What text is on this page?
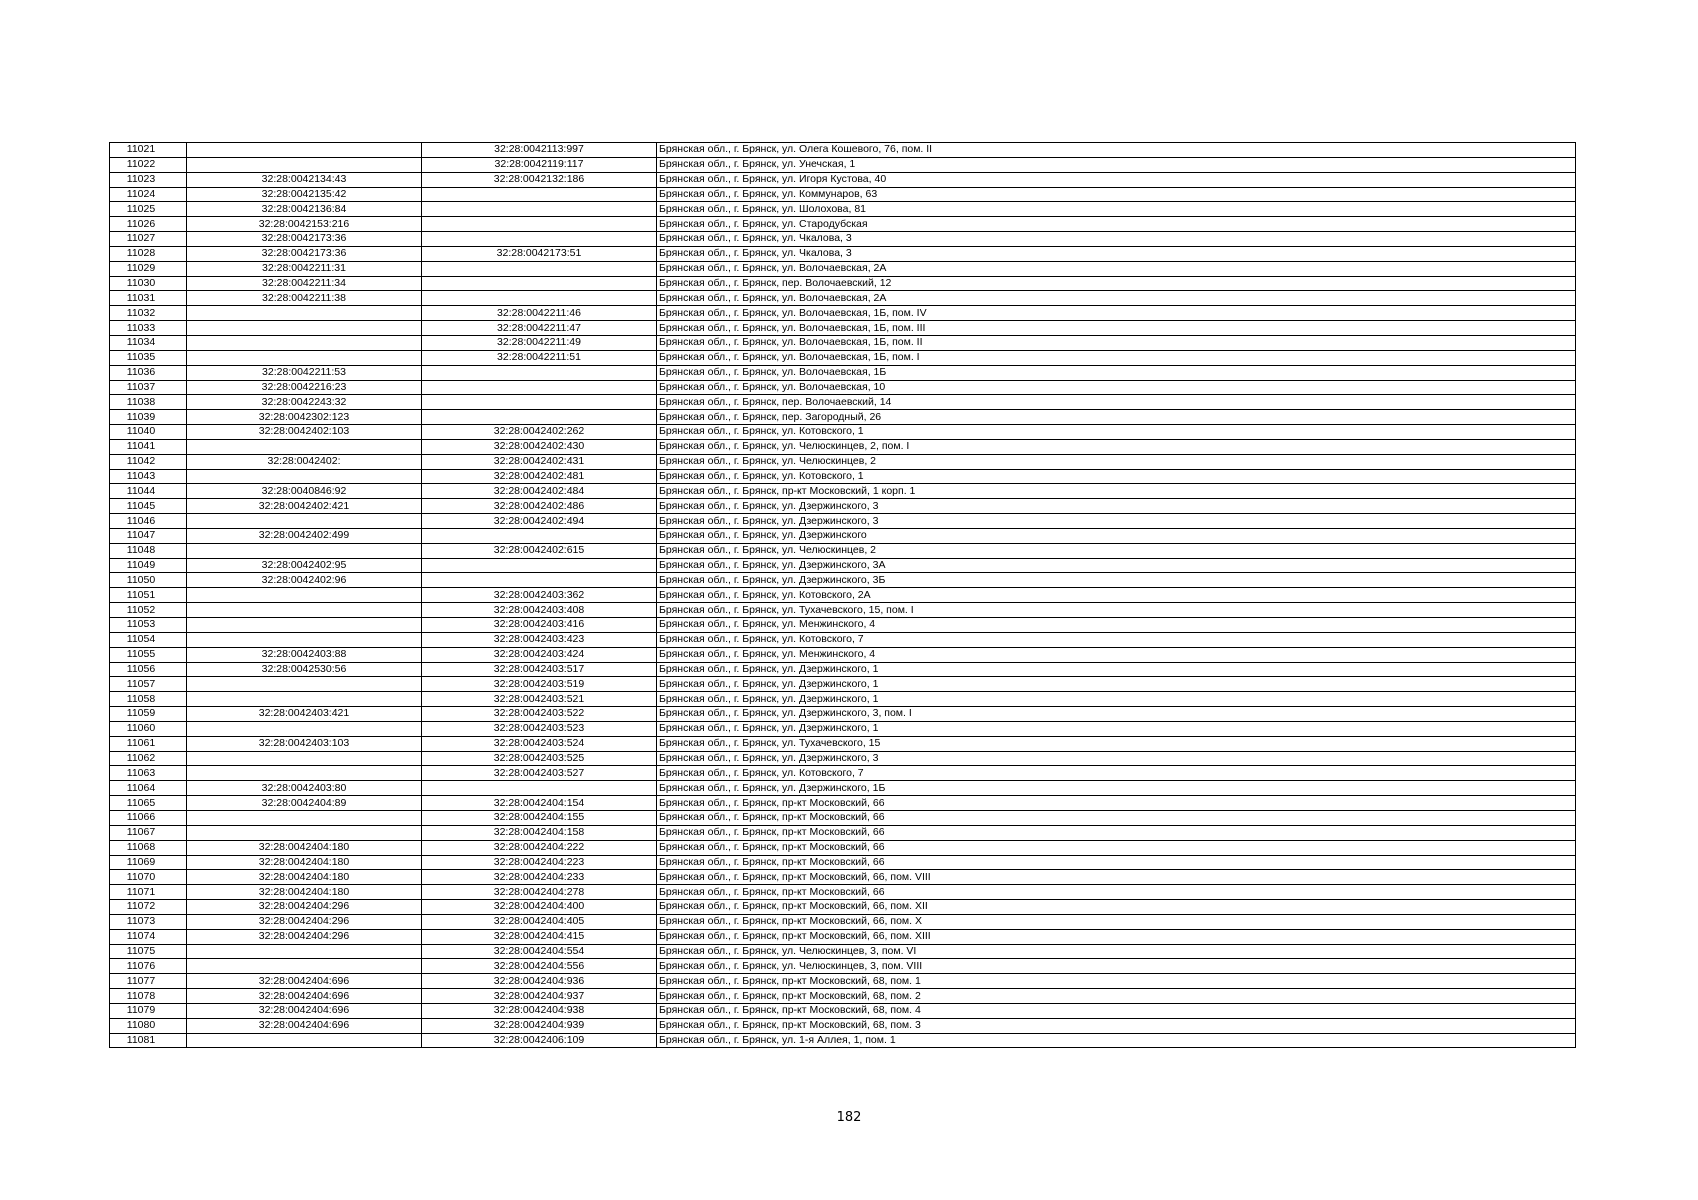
11021		32:28:0042113:997	Брянская обл., г. Брянск, ул. Олега Кошевого, 76, пом. II
11022		32:28:0042119:117	Брянская обл., г. Брянск, ул. Унечская, 1
11023	32:28:0042134:43	32:28:0042132:186	Брянская обл., г. Брянск, ул. Игоря Кустова, 40
11024	32:28:0042135:42		Брянская обл., г. Брянск, ул. Коммунаров, 63
11025	32:28:0042136:84		Брянская обл., г. Брянск, ул. Шолохова, 81
11026	32:28:0042153:216		Брянская обл., г. Брянск, ул. Стародубская
11027	32:28:0042173:36		Брянская обл., г. Брянск, ул. Чкалова, 3
11028	32:28:0042173:36	32:28:0042173:51	Брянская обл., г. Брянск, ул. Чкалова, 3
11029	32:28:0042211:31		Брянская обл., г. Брянск, ул. Волочаевская, 2А
11030	32:28:0042211:34		Брянская обл., г. Брянск, пер. Волочаевский, 12
11031	32:28:0042211:38		Брянская обл., г. Брянск, ул. Волочаевская, 2А
11032		32:28:0042211:46	Брянская обл., г. Брянск, ул. Волочаевская, 1Б, пом. IV
11033		32:28:0042211:47	Брянская обл., г. Брянск, ул. Волочаевская, 1Б, пом. III
11034		32:28:0042211:49	Брянская обл., г. Брянск, ул. Волочаевская, 1Б, пом. II
11035		32:28:0042211:51	Брянская обл., г. Брянск, ул. Волочаевская, 1Б, пом. I
11036	32:28:0042211:53		Брянская обл., г. Брянск, ул. Волочаевская, 1Б
11037	32:28:0042216:23		Брянская обл., г. Брянск, ул. Волочаевская, 10
11038	32:28:0042243:32		Брянская обл., г. Брянск, пер. Волочаевский, 14
11039	32:28:0042302:123		Брянская обл., г. Брянск, пер. Загородный, 26
11040	32:28:0042402:103	32:28:0042402:262	Брянская обл., г. Брянск, ул. Котовского, 1
11041		32:28:0042402:430	Брянская обл., г. Брянск, ул. Челюскинцев, 2, пом. I
11042	32:28:0042402:	32:28:0042402:431	Брянская обл., г. Брянск, ул. Челюскинцев, 2
11043		32:28:0042402:481	Брянская обл., г. Брянск, ул. Котовского, 1
11044	32:28:0040846:92	32:28:0042402:484	Брянская обл., г. Брянск, пр-кт Московский, 1 корп. 1
11045	32:28:0042402:421	32:28:0042402:486	Брянская обл., г. Брянск, ул. Дзержинского, 3
11046		32:28:0042402:494	Брянская обл., г. Брянск, ул. Дзержинского, 3
11047	32:28:0042402:499		Брянская обл., г. Брянск, ул. Дзержинского
11048		32:28:0042402:615	Брянская обл., г. Брянск, ул. Челюскинцев, 2
11049	32:28:0042402:95		Брянская обл., г. Брянск, ул. Дзержинского, 3А
11050	32:28:0042402:96		Брянская обл., г. Брянск, ул. Дзержинского, 3Б
11051		32:28:0042403:362	Брянская обл., г. Брянск, ул. Котовского, 2А
11052		32:28:0042403:408	Брянская обл., г. Брянск, ул. Тухачевского, 15, пом. I
11053		32:28:0042403:416	Брянская обл., г. Брянск, ул. Менжинского, 4
11054		32:28:0042403:423	Брянская обл., г. Брянск, ул. Котовского, 7
11055	32:28:0042403:88	32:28:0042403:424	Брянская обл., г. Брянск, ул. Менжинского, 4
11056	32:28:0042530:56	32:28:0042403:517	Брянская обл., г. Брянск, ул. Дзержинского, 1
11057		32:28:0042403:519	Брянская обл., г. Брянск, ул. Дзержинского, 1
11058		32:28:0042403:521	Брянская обл., г. Брянск, ул. Дзержинского, 1
11059	32:28:0042403:421	32:28:0042403:522	Брянская обл., г. Брянск, ул. Дзержинского, 3, пом. I
11060		32:28:0042403:523	Брянская обл., г. Брянск, ул. Дзержинского, 1
11061	32:28:0042403:103	32:28:0042403:524	Брянская обл., г. Брянск, ул. Тухачевского, 15
11062		32:28:0042403:525	Брянская обл., г. Брянск, ул. Дзержинского, 3
11063		32:28:0042403:527	Брянская обл., г. Брянск, ул. Котовского, 7
11064	32:28:0042403:80		Брянская обл., г. Брянск, ул. Дзержинского, 1Б
11065	32:28:0042404:89	32:28:0042404:154	Брянская обл., г. Брянск, пр-кт Московский, 66
11066		32:28:0042404:155	Брянская обл., г. Брянск, пр-кт Московский, 66
11067		32:28:0042404:158	Брянская обл., г. Брянск, пр-кт Московский, 66
11068	32:28:0042404:180	32:28:0042404:222	Брянская обл., г. Брянск, пр-кт Московский, 66
11069	32:28:0042404:180	32:28:0042404:223	Брянская обл., г. Брянск, пр-кт Московский, 66
11070	32:28:0042404:180	32:28:0042404:233	Брянская обл., г. Брянск, пр-кт Московский, 66, пом. VIII
11071	32:28:0042404:180	32:28:0042404:278	Брянская обл., г. Брянск, пр-кт Московский, 66
11072	32:28:0042404:296	32:28:0042404:400	Брянская обл., г. Брянск, пр-кт Московский, 66, пом. XII
11073	32:28:0042404:296	32:28:0042404:405	Брянская обл., г. Брянск, пр-кт Московский, 66, пом. X
11074	32:28:0042404:296	32:28:0042404:415	Брянская обл., г. Брянск, пр-кт Московский, 66, пом. XIII
11075		32:28:0042404:554	Брянская обл., г. Брянск, ул. Челюскинцев, 3, пом. VI
11076		32:28:0042404:556	Брянская обл., г. Брянск, ул. Челюскинцев, 3, пом. VIII
11077	32:28:0042404:696	32:28:0042404:936	Брянская обл., г. Брянск, пр-кт Московский, 68, пом. 1
11078	32:28:0042404:696	32:28:0042404:937	Брянская обл., г. Брянск, пр-кт Московский, 68, пом. 2
11079	32:28:0042404:696	32:28:0042404:938	Брянская обл., г. Брянск, пр-кт Московский, 68, пом. 4
11080	32:28:0042404:696	32:28:0042404:939	Брянская обл., г. Брянск, пр-кт Московский, 68, пом. 3
11081		32:28:0042406:109	Брянская обл., г. Брянск, ул. 1-я Аллея, 1, пом. 1
182
